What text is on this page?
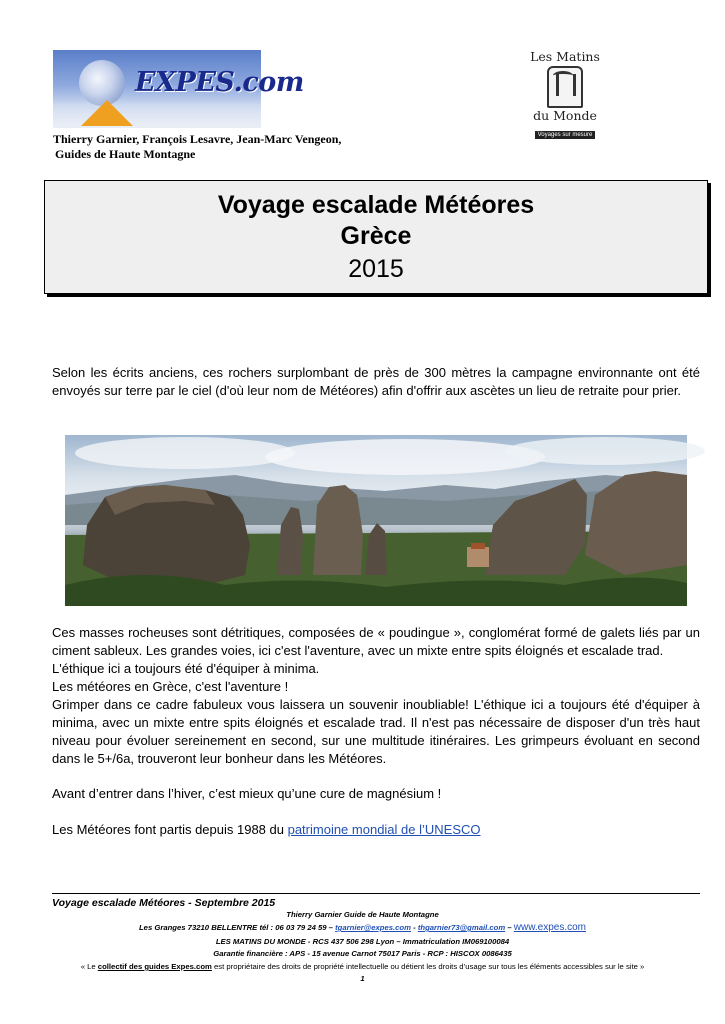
EXPES.com
Les Matins
du Monde
Voyages sur mesure
Thierry Garnier, François Lesavre, Jean-Marc Vengeon,
Guides de Haute Montagne
Voyage escalade Météores
Grèce
2015
Selon les écrits anciens, ces rochers surplombant de près de 300 mètres la campagne environnante ont été envoyés sur terre par le ciel (d'où leur nom de Météores) afin d'offrir aux ascètes un lieu de retraite pour prier.
Ces masses rocheuses sont détritiques, composées de « poudingue », conglomérat formé de galets liés par un ciment sableux. Les grandes voies, ici c'est l'aventure, avec un mixte entre spits éloignés et escalade trad.
L'éthique ici a toujours été d'équiper à minima.
Les météores en Grèce, c'est l'aventure !
Grimper dans ce cadre fabuleux vous laissera un souvenir inoubliable! L'éthique ici a toujours été d'équiper à minima, avec un mixte entre spits éloignés et escalade trad. Il n'est pas nécessaire de disposer d'un très haut niveau pour évoluer sereinement en second, sur une multitude itinéraires. Les grimpeurs évoluant en second dans le 5+/6a, trouveront leur bonheur dans les Météores.
Avant d’entrer dans l’hiver, c’est mieux qu’une cure de magnésium !
Les Météores font partis depuis 1988 du patrimoine mondial de l’UNESCO
Voyage escalade Météores - Septembre 2015
Thierry Garnier Guide de Haute Montagne
Les Granges 73210 BELLENTRE tél : 06 03 79 24 59 – tgarnier@expes.com - thgarnier73@gmail.com – www.expes.com
LES MATINS DU MONDE - RCS 437 506 298 Lyon – Immatriculation IM069100084
Garantie financière : APS - 15 avenue Carnot 75017 Paris - RCP : HISCOX 0086435
« Le collectif des guides Expes.com est propriétaire des droits de propriété intellectuelle ou détient les droits d’usage sur tous les éléments accessibles sur le site »
1
